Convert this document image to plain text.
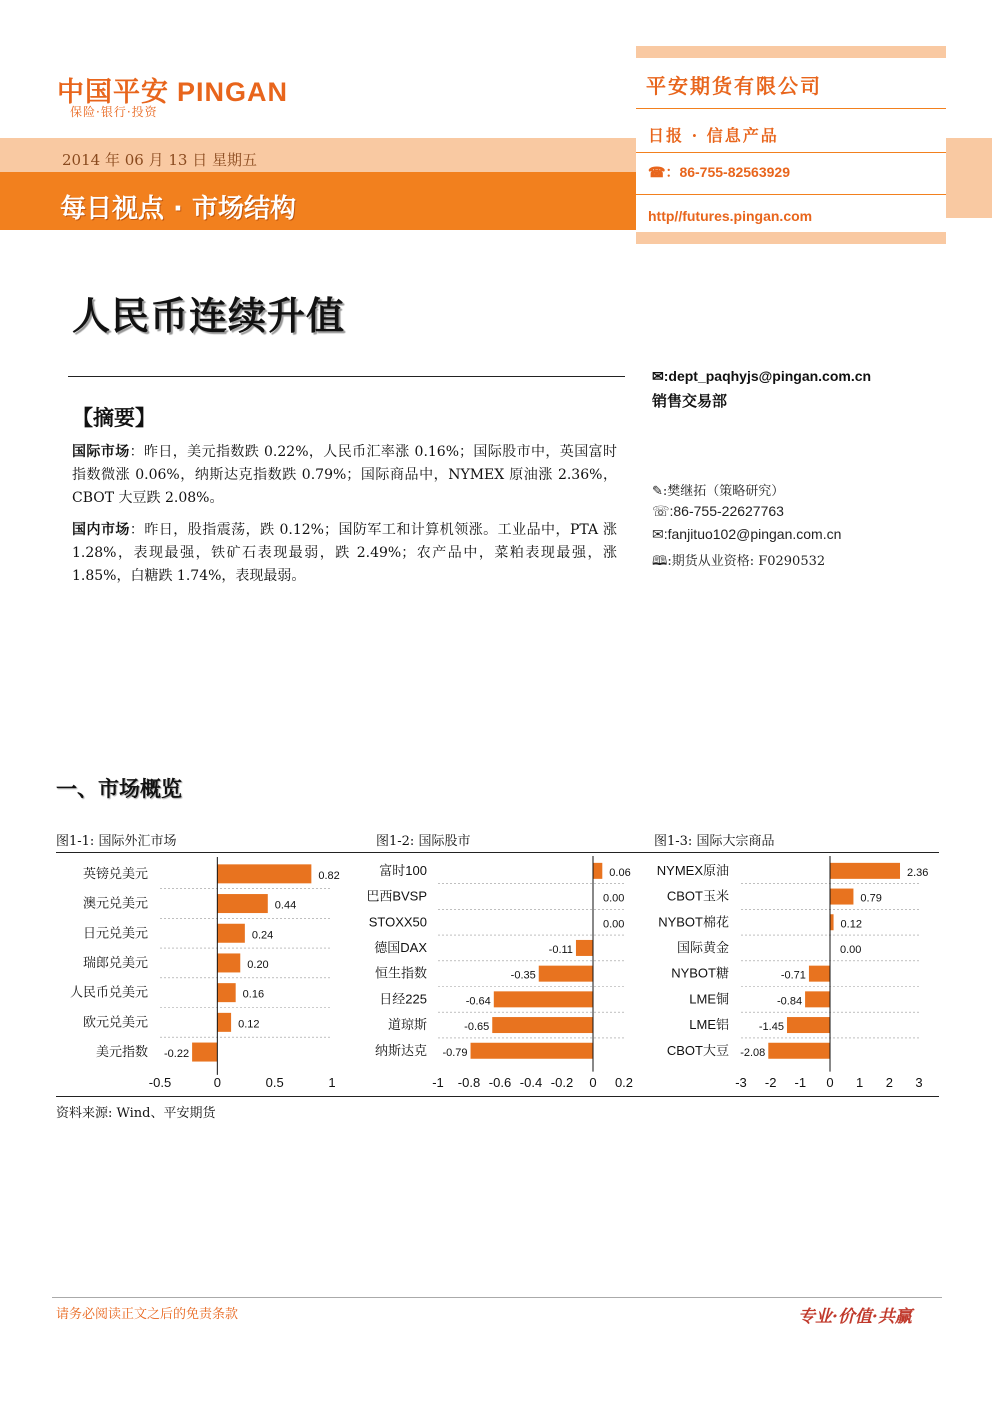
中国平安 PINGAN
保险·银行·投资
2014 年 06 月 13 日 星期五
每日视点 · 市场结构
平安期货有限公司
日报 · 信息产品
☎：86-755-82563929
http//futures.pingan.com
人民币连续升值
✉:dept_paqhyjs@pingan.com.cn
销售交易部
【摘要】
国际市场：昨日，美元指数跌 0.22%，人民币汇率涨 0.16%；国际股市中，英国富时指数微涨 0.06%，纳斯达克指数跌 0.79%；国际商品中，NYMEX 原油涨 2.36%，CBOT 大豆跌 2.08%。
国内市场：昨日，股指震荡，跌 0.12%；国防军工和计算机领涨。工业品中，PTA 涨 1.28%，表现最强，铁矿石表现最弱，跌 2.49%；农产品中，菜粕表现最强，涨 1.85%，白糖跌 1.74%，表现最弱。
✎:樊继拓（策略研究）
☏:86-755-22627763
✉:fanjituo102@pingan.com.cn
🕮:期货从业资格: F0290532
一、市场概览
图1-1: 国际外汇市场	图1-2: 国际股市	图1-3: 国际大宗商品
英镑兑美元	0.82
澳元兑美元	0.44
日元兑美元	0.24
瑞郎兑美元	0.20
人民币兑美元	0.16
欧元兑美元	0.12
美元指数 -0.22
-0.5	0	0.5	1
富时100	0.06
巴西BVSP	0.00
STOXX50	0.00
德国DAX	-0.11
恒生指数	-0.35
日经225	-0.64
道琼斯	-0.65
纳斯达克 -0.79
-1 -0.8 -0.6 -0.4 -0.2 0 0.2
NYMEX原油	2.36
CBOT玉米	0.79
NYBOT棉花	0.12
国际黄金	0.00
NYBOT糖	-0.71
LME铜	-0.84
LME铝	-1.45
CBOT大豆 -2.08
-3 -2 -1 0 1 2 3
资料来源: Wind、平安期货
请务必阅读正文之后的免责条款	专业·价值·共赢
